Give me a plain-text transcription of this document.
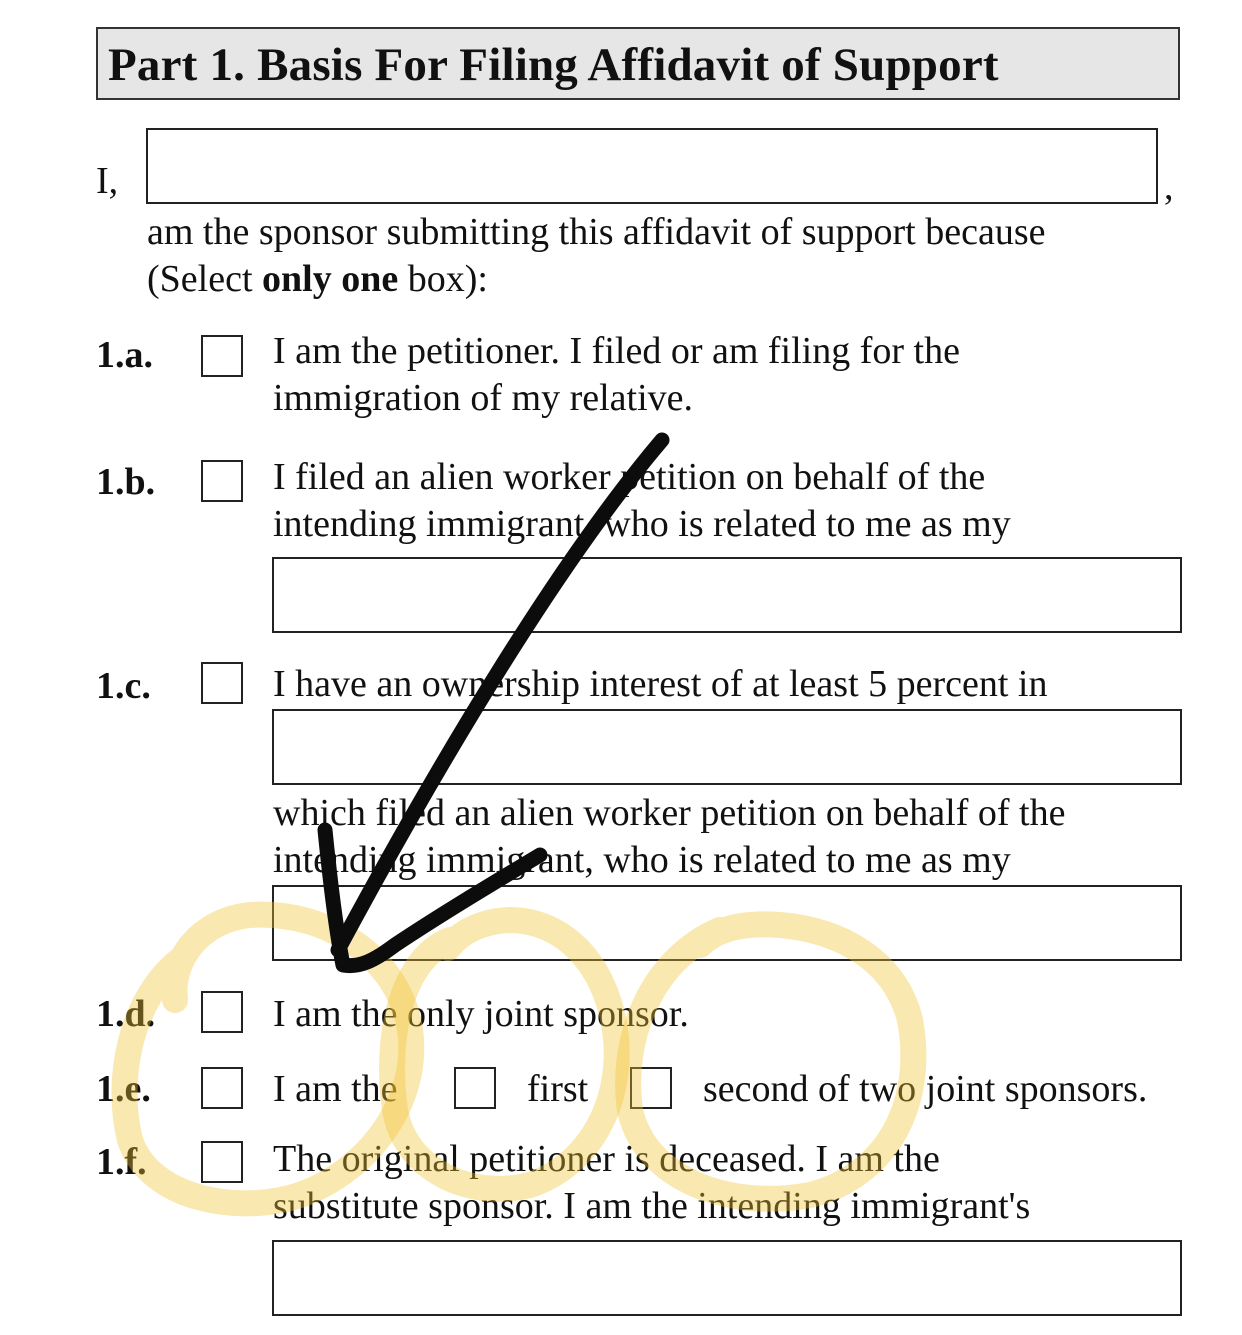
Part 1. Basis For Filing Affidavit of Support
I,	,
am the sponsor submitting this affidavit of support because
(Select only one box):
1.a.	I am the petitioner. I filed or am filing for the
immigration of my relative.
1.b.	I filed an alien worker petition on behalf of the
intending immigrant, who is related to me as my
1.c.	I have an ownership interest of at least 5 percent in
which filed an alien worker petition on behalf of the
intending immigrant, who is related to me as my
1.d.	I am the only joint sponsor.
1.e.	I am the	first	second of two joint sponsors.
1.f.	The original petitioner is deceased. I am the
substitute sponsor. I am the intending immigrant's
